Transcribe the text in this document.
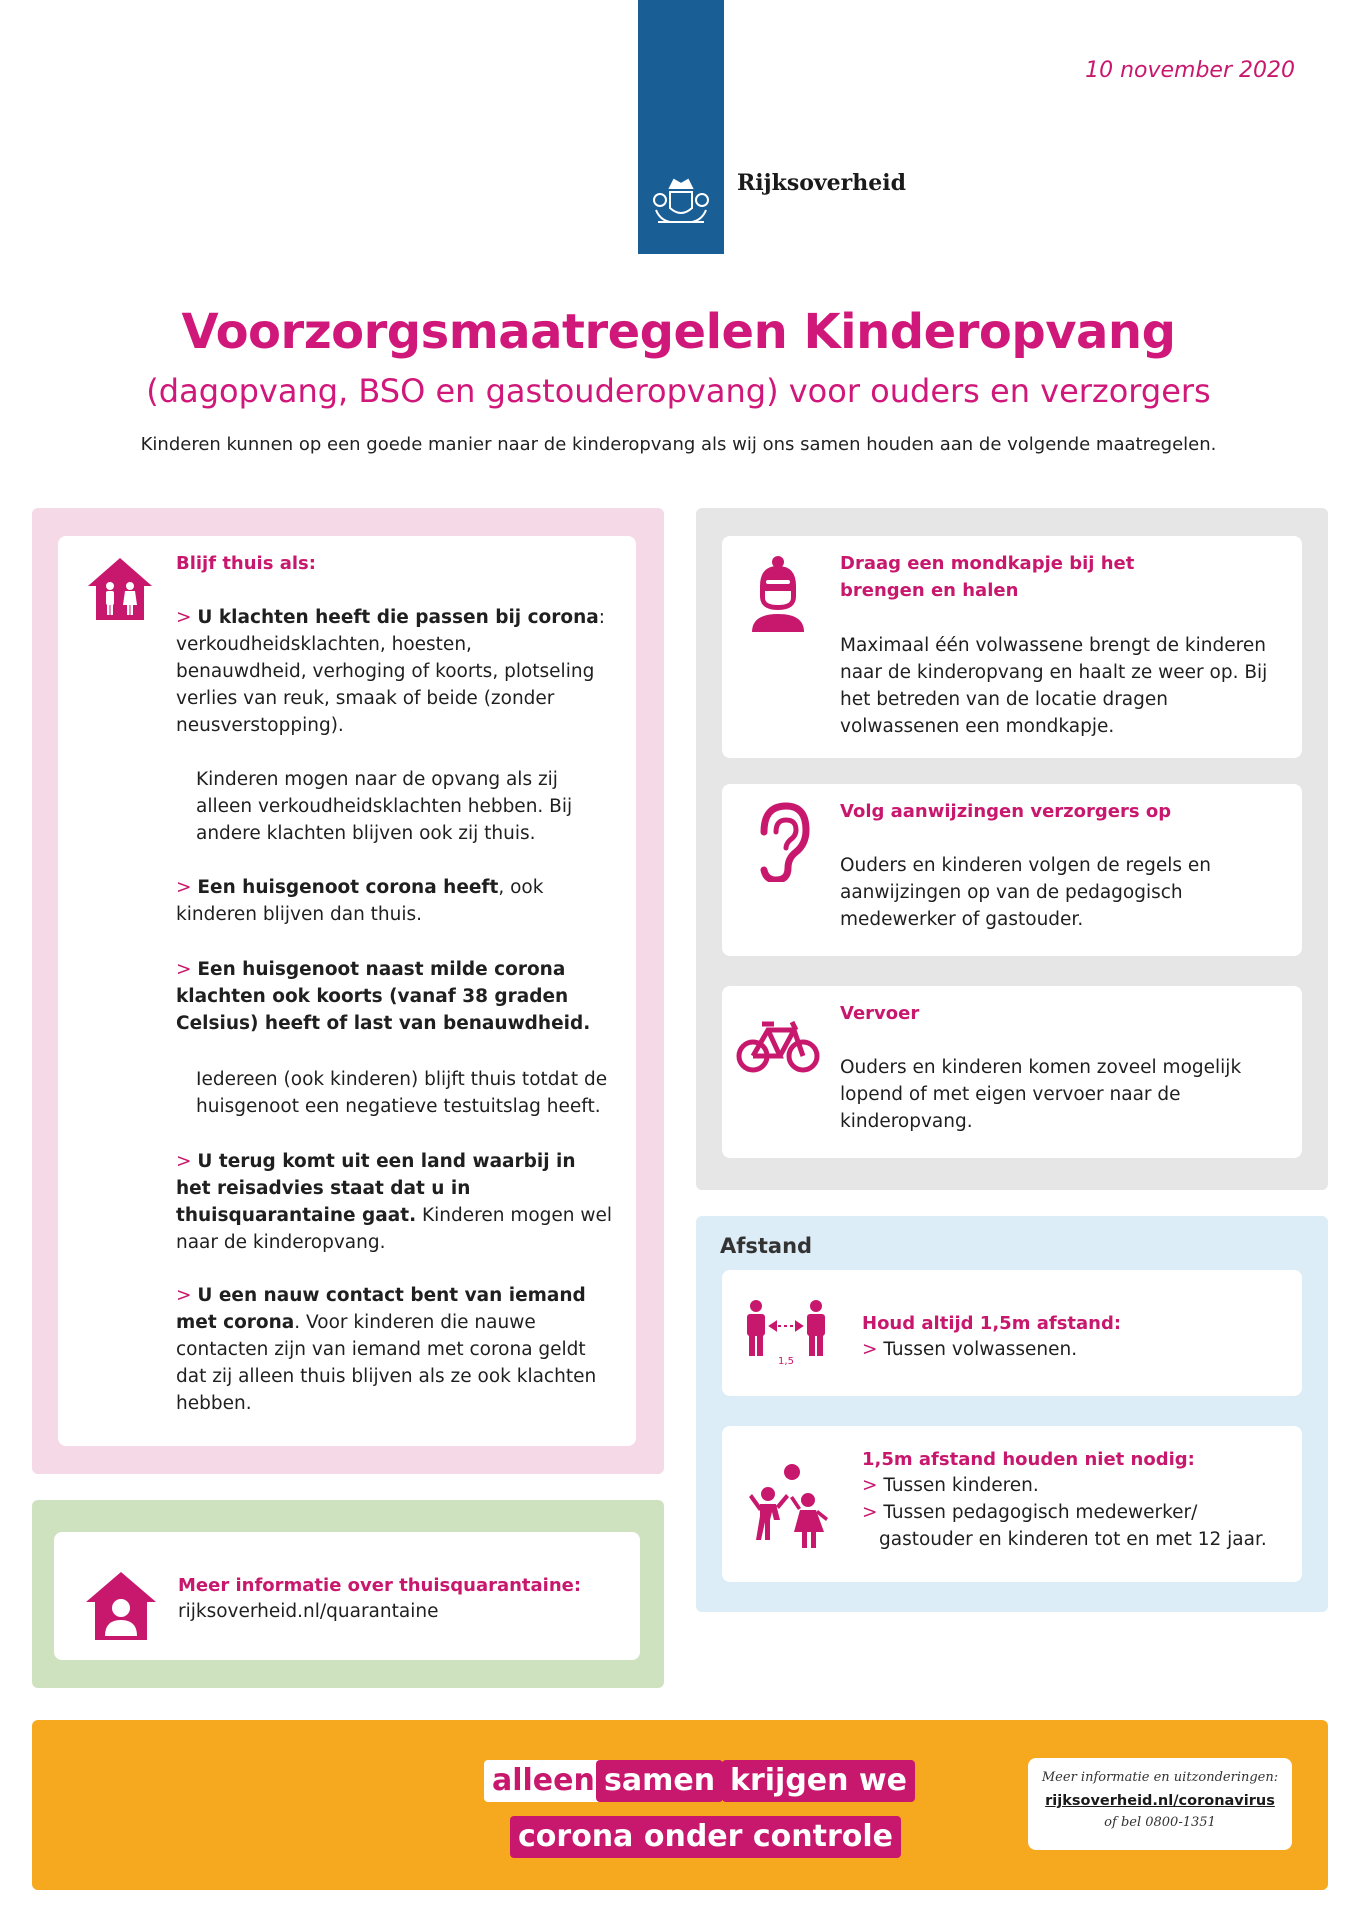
Rijksoverheid
10 november 2020
Voorzorgsmaatregelen Kinderopvang
(dagopvang, BSO en gastouderopvang) voor ouders en verzorgers
Kinderen kunnen op een goede manier naar de kinderopvang als wij ons samen houden aan de volgende maatregelen.
Blijf thuis als:
> U klachten heeft die passen bij corona: verkoudheidsklachten, hoesten, benauwdheid, verhoging of koorts, plotseling verlies van reuk, smaak of beide (zonder neusverstopping).
Kinderen mogen naar de opvang als zij alleen verkoudheidsklachten hebben. Bij andere klachten blijven ook zij thuis.
> Een huisgenoot corona heeft, ook kinderen blijven dan thuis.
> Een huisgenoot naast milde corona klachten ook koorts (vanaf 38 graden Celsius) heeft of last van benauwdheid.
Iedereen (ook kinderen) blijft thuis totdat de huisgenoot een negatieve testuitslag heeft.
> U terug komt uit een land waarbij in het reisadvies staat dat u in thuisquarantaine gaat. Kinderen mogen wel naar de kinderopvang.
> U een nauw contact bent van iemand met corona. Voor kinderen die nauwe contacten zijn van iemand met corona geldt dat zij alleen thuis blijven als ze ook klachten hebben.
Draag een mondkapje bij het brengen en halen
Maximaal één volwassene brengt de kinderen naar de kinderopvang en haalt ze weer op. Bij het betreden van de locatie dragen volwassenen een mondkapje.
Volg aanwijzingen verzorgers op
Ouders en kinderen volgen de regels en aanwijzingen op van de pedagogisch medewerker of gastouder.
Vervoer
Ouders en kinderen komen zoveel mogelijk lopend of met eigen vervoer naar de kinderopvang.
Afstand
1,5
Houd altijd 1,5m afstand:
> Tussen volwassenen.
1,5m afstand houden niet nodig:
> Tussen kinderen.
> Tussen pedagogisch medewerker/ gastouder en kinderen tot en met 12 jaar.
Meer informatie over thuisquarantaine:
rijksoverheid.nl/quarantaine
alleen samen krijgen we
corona onder controle
Meer informatie en uitzonderingen:
rijksoverheid.nl/coronavirus
of bel 0800-1351
